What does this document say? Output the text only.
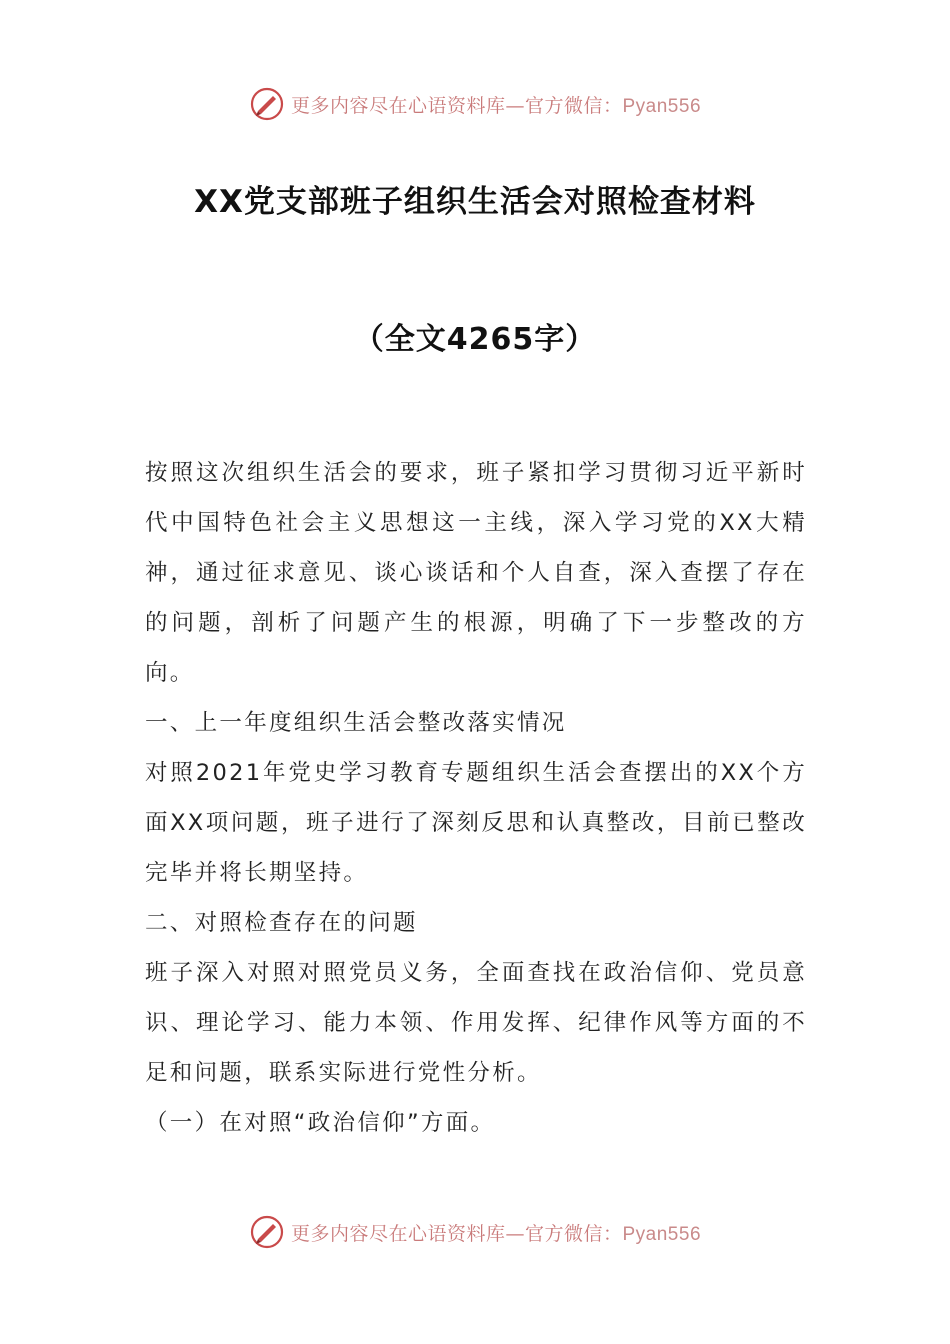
更多内容尽在心语资料库—官方微信：Pyan556
XX党支部班子组织生活会对照检查材料
（全文4265字）

按照这次组织生活会的要求，班子紧扣学习贯彻习近平新时代中国特色社会主义思想这一主线，深入学习党的XX大精神，通过征求意见、谈心谈话和个人自查，深入查摆了存在的问题，剖析了问题产生的根源，明确了下一步整改的方向。

一、上一年度组织生活会整改落实情况

对照2021年党史学习教育专题组织生活会查摆出的XX个方面XX项问题，班子进行了深刻反思和认真整改，目前已整改完毕并将长期坚持。

二、对照检查存在的问题

班子深入对照对照党员义务，全面查找在政治信仰、党员意识、理论学习、能力本领、作用发挥、纪律作风等方面的不足和问题，联系实际进行党性分析。

（一）在对照“政治信仰”方面。

更多内容尽在心语资料库—官方微信：Pyan556
